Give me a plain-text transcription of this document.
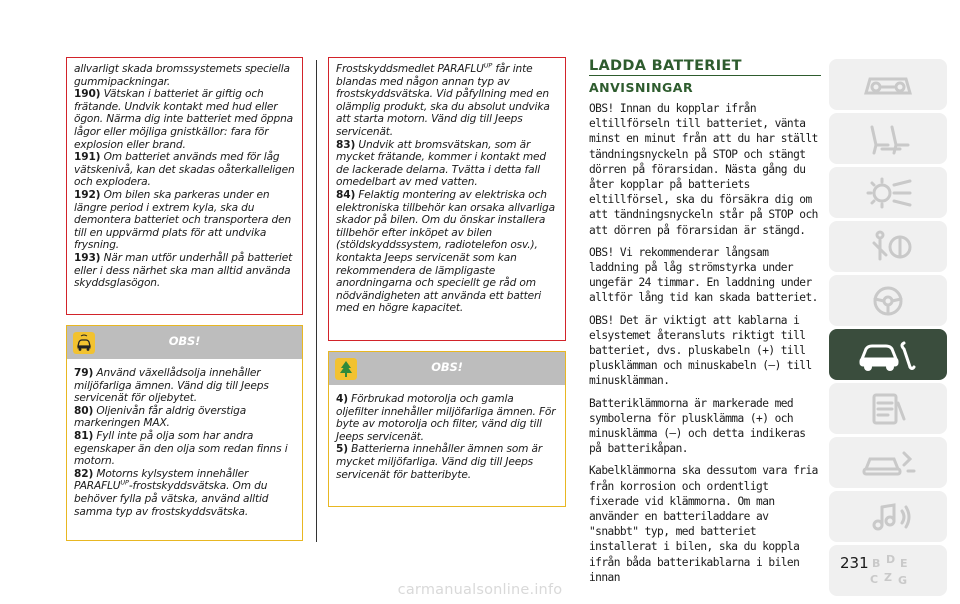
allvarligt skada bromssystemets speciella gummipackningar.

190) Vätskan i batteriet är giftig och frätande. Undvik kontakt med hud eller ögon. Närma dig inte batteriet med öppna lågor eller möjliga gnistkällor: fara för explosion eller brand.

191) Om batteriet används med för låg vätskenivå, kan det skadas oåterkalleligen och explodera.

192) Om bilen ska parkeras under en längre period i extrem kyla, ska du demontera batteriet och transportera den till en uppvärmd plats för att undvika frysning.

193) När man utför underhåll på batteriet eller i dess närhet ska man alltid använda skyddsglasögon.

OBS!

79) Använd växellådsolja innehåller miljöfarliga ämnen. Vänd dig till Jeeps servicenät för oljebytet.

80) Oljenivån får aldrig överstiga markeringen MAX.

81) Fyll inte på olja som har andra egenskaper än den olja som redan finns i motorn.

82) Motorns kylsystem innehåller $PARAFLU^{UP}$-frostskyddsvätska. Om du behöver fylla på vätska, använd alltid samma typ av frostskyddsvätska.

Frostskyddsmedlet $PARAFLU^{UP}$ får inte blandas med någon annan typ av frostskyddsvätska. Vid påfyllning med en olämplig produkt, ska du absolut undvika att starta motorn. Vänd dig till Jeeps servicenät.

83) Undvik att bromsvätskan, som är mycket frätande, kommer i kontakt med de lackerade delarna. Tvätta i detta fall omedelbart av med vatten.

84) Felaktig montering av elektriska och elektroniska tillbehör kan orsaka allvarliga skador på bilen. Om du önskar installera tillbehör efter inköpet av bilen (stöldskyddssystem, radiotelefon osv.), kontakta Jeeps servicenät som kan rekommendera de lämpligaste anordningarna och speciellt ge råd om nödvändigheten att använda ett batteri med en högre kapacitet.

OBS!

4) Förbrukad motorolja och gamla oljefilter innehåller miljöfarliga ämnen. För byte av motorolja och filter, vänd dig till Jeeps servicenät.

5) Batterierna innehåller ämnen som är mycket miljöfarliga. Vänd dig till Jeeps servicenät för batteribyte.

LADDA BATTERIET
ANVISNINGAR

OBS! Innan du kopplar ifrån eltillförseln till batteriet, vänta minst en minut från att du har ställt tändningsnyckeln på STOP och stängt dörren på förarsidan. Nästa gång du åter kopplar på batteriets eltillförsel, ska du försäkra dig om att tändningsnyckeln står på STOP och att dörren på förarsidan är stängd.

OBS! Vi rekommenderar långsam laddning på låg strömstyrka under ungefär 24 timmar. En laddning under alltför lång tid kan skada batteriet.

OBS! Det är viktigt att kablarna i elsystemet återansluts riktigt till batteriet, dvs. pluskabeln (+) till plusklämman och minuskabeln (–) till minusklämman.

Batteriklämmorna är markerade med symbolerna för plusklämma (+) och minusklämma (–) och detta indikeras på batterikåpan.

Kabelklämmorna ska dessutom vara fria från korrosion och ordentligt fixerade vid klämmorna. Om man använder en batteriladdare av "snabbt" typ, med batteriet installerat i bilen, ska du koppla ifrån båda batterikablarna i bilen innan

B D E
C Z G
231
carmanualsonline.info
